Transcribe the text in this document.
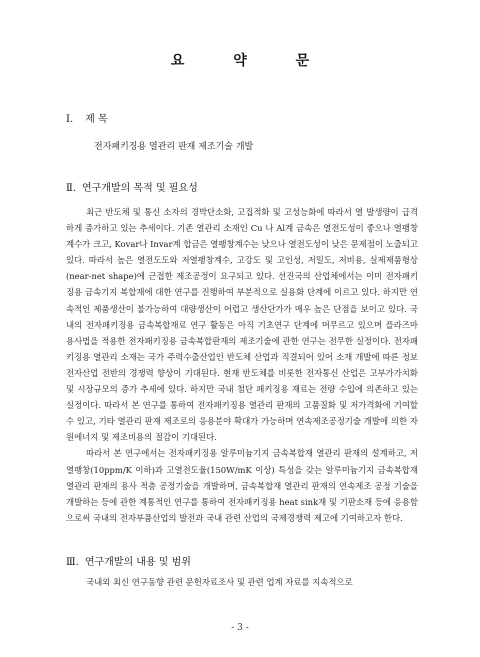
요 약 문
Ⅰ. 제 목
전자패키징용 열관리 판재 제조기술 개발
Ⅱ. 연구개발의 목적 및 필요성

최근 반도체 및 통신 소자의 경박단소화, 고집적화 및 고성능화에 따라서 열 발생량이 급격하게 증가하고 있는 추세이다. 기존 열관리 소재인 Cu 나 Al계 금속은 열전도성이 좋으나 열팽창계수가 크고, Kovar나 Invar계 합금은 열팽창계수는 낮으나 열전도성이 낮은 문제점이 노출되고 있다. 따라서 높은 열전도도와 저열팽창계수, 고강도 및 고인성, 저밀도, 저비용, 실제제품형상(near-net shape)에 근접한 제조공정이 요구되고 있다. 선진국의 산업체에서는 이미 전자패키징용 금속기지 복합재에 대한 연구를 진행하여 부분적으로 실용화 단계에 이르고 있다. 하지만 연속적인 제품생산이 불가능하여 대량생산이 어렵고 생산단가가 매우 높은 단점을 보이고 있다. 국내의 전자패키징용 금속복합재료 연구 활동은 아직 기초연구 단계에 머무르고 있으며 플라즈마 용사법을 적용한 전자패키징용 금속복합판재의 제조기술에 관한 연구는 전무한 실정이다. 전자패키징용 열관리 소재는 국가 주력수출산업인 반도체 산업과 직결되어 있어 소재 개발에 따른 정보전자산업 전반의 경쟁력 향상이 기대된다. 현재 반도체를 비롯한 전자통신 산업은 고부가가치화 및 시장규모의 증가 추세에 있다. 하지만 국내 첨단 패키징용 재료는 전량 수입에 의존하고 있는 실정이다. 따라서 본 연구를 통하여 전자패키징용 열관리 판재의 고품질화 및 저가격화에 기여할 수 있고, 기타 열관리 판재 제조로의 응용분야 확대가 가능하며 연속제조공정기술 개발에 의한 자원에너지 및 제조비용의 절감이 기대된다.

따라서 본 연구에서는 전자패키징용 알루미늄기지 금속복합재 열관리 판재의 설계하고, 저열팽창(10ppm/K 이하)과 고열전도율(150W/mK 이상) 특성을 갖는 알루미늄기지 금속복합재 열관리 판재의 용사 적층 공정기술을 개발하며, 금속복합재 열관리 판재의 연속제조 공정 기술을 개발하는 등에 관한 계통적인 연구를 통하여 전자패키징용 heat sink재 및 기판소재 등에 응용함으로써 국내의 전자부품산업의 발전과 국내 관련 산업의 국제경쟁력 제고에 기여하고자 한다.

Ⅲ. 연구개발의 내용 및 범위

국내외 최신 연구동향 관련 문헌자료조사 및 관련 업계 자료를 지속적으로

- 3 -
